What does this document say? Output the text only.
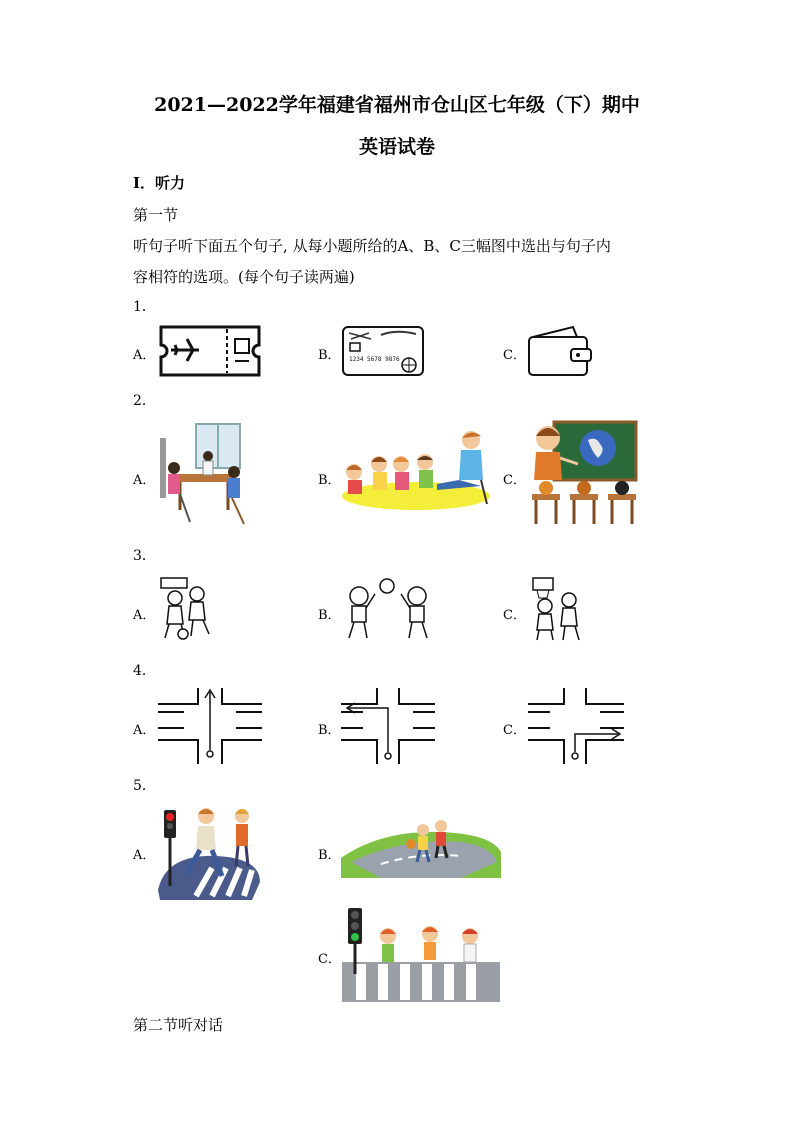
2021—2022学年福建省福州市仓山区七年级（下）期中
英语试卷
Ⅰ．听力
第一节
听句子听下面五个句子, 从每小题所给的A、B、C三幅图中选出与句子内
容相符的选项。(每个句子读两遍)
1．
A．	B．	C．
1234 5678 9876
2．
A．	B．	C．
3．
A．	B．	C．
4．
A．	B．	C．
5．
A．	B．
C．
第二节听对话
